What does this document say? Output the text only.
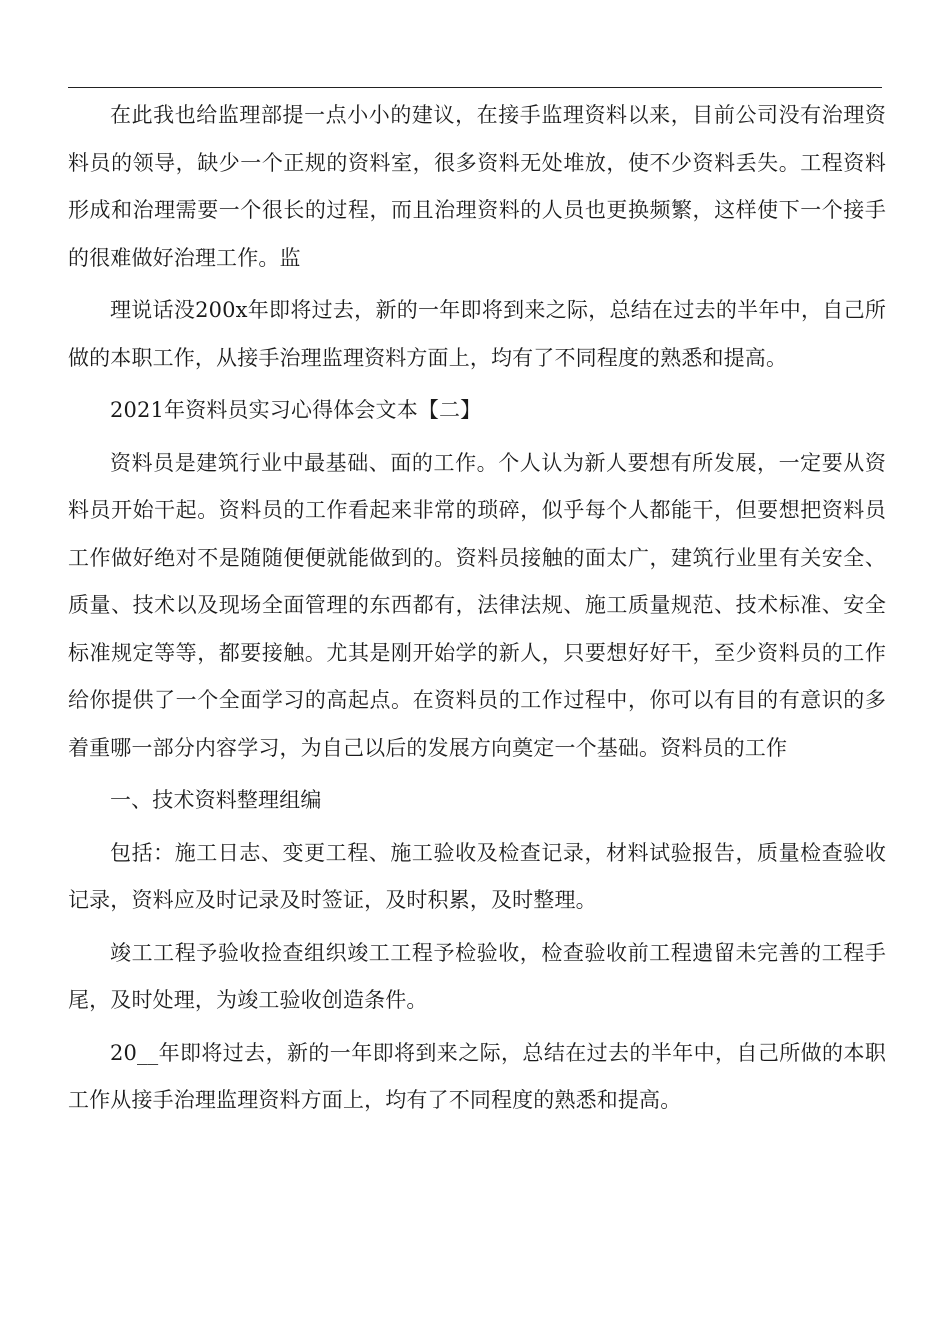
在此我也给监理部提一点小小的建议，在接手监理资料以来，目前公司没有治理资料员的领导，缺少一个正规的资料室，很多资料无处堆放，使不少资料丢失。工程资料形成和治理需要一个很长的过程，而且治理资料的人员也更换频繁，这样使下一个接手的很难做好治理工作。监

理说话没200x年即将过去，新的一年即将到来之际，总结在过去的半年中，自己所做的本职工作，从接手治理监理资料方面上，均有了不同程度的熟悉和提高。

2021年资料员实习心得体会文本【二】

资料员是建筑行业中最基础、面的工作。个人认为新人要想有所发展，一定要从资料员开始干起。资料员的工作看起来非常的琐碎，似乎每个人都能干，但要想把资料员工作做好绝对不是随随便便就能做到的。资料员接触的面太广，建筑行业里有关安全、质量、技术以及现场全面管理的东西都有，法律法规、施工质量规范、技术标准、安全标准规定等等，都要接触。尤其是刚开始学的新人，只要想好好干，至少资料员的工作给你提供了一个全面学习的高起点。在资料员的工作过程中，你可以有目的有意识的多着重哪一部分内容学习，为自己以后的发展方向奠定一个基础。资料员的工作

一、技术资料整理组编

包括：施工日志、变更工程、施工验收及检查记录，材料试验报告，质量检查验收记录，资料应及时记录及时签证，及时积累，及时整理。

竣工工程予验收捡查组织竣工工程予检验收，检查验收前工程遗留未完善的工程手尾，及时处理，为竣工验收创造条件。

20__年即将过去，新的一年即将到来之际，总结在过去的半年中，自己所做的本职工作从接手治理监理资料方面上，均有了不同程度的熟悉和提高。
